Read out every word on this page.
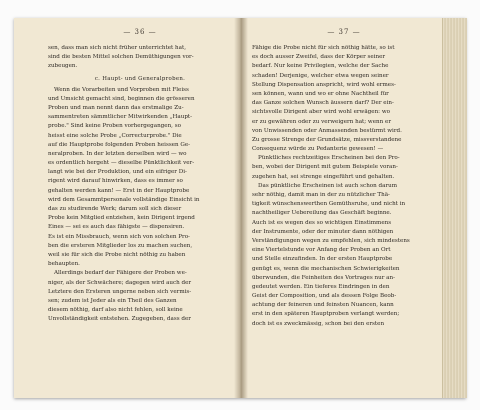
— 36 —
sen, dass man sich nicht früher unterrichtet hat,
sind die besten Mittel solchen Demüthigungen vor-
zubeugen.
c. Haupt- und Generalproben.
Wenn die Vorarbeiten und Vorproben mit Fleiss
und Umsicht gemacht sind, beginnen die grösseren
Proben und man nennt dann das erstmalige Zu-
sammentreten sämmtlicher Mitwirkenden „Haupt-
probe." Sind keine Proben vorhergegangen, so
heisst eine solche Probe „Correcturprobe." Die
auf die Hauptprobe folgenden Proben heissen Ge-
neralproben. In der letzten derselben wird — wo
es ordentlich hergeht — dieselbe Pünktlichkeit ver-
langt wie bei der Produktion, und ein eifriger Di-
rigent wird darauf hinwirken, dass es immer so
gehalten werden kann! — Erst in der Hauptprobe
wird dem Gesammtpersonale vollständige Einsicht in
das zu studirende Werk; darum soll sich dieser
Probe kein Mitglied entziehen, kein Dirigent irgend
Eines — sei es auch das fähigste — dispensiren.
Es ist ein Missbrauch, wenn sich von solchen Pro-
ben die ersteren Mitglieder los zu machen suchen,
weil sie für sich die Probe nicht nöthig zu haben
behaupten.
Allerdings bedarf der Fähigere der Proben we-
niger, als der Schwächere; dagegen wird auch der
Letztere den Ersteren ungerne neben sich vermis-
sen; zudem ist Jeder als ein Theil des Ganzen
diesem nöthig, darf also nicht fehlen, soll keine
Unvollständigkeit entstehen. Zugegeben, dass der
— 37 —
Fähige die Probe nicht für sich nöthig hätte, so ist
es doch ausser Zweifel, dass der Körper seiner
bedarf. Nur keine Privilegien, welche der Sache
schaden! Derjenige, welcher etwa wegen seiner
Stellung Dispensation anspricht, wird wohl ermes-
sen können, wann und wo er ohne Nachtheil für
das Ganze solchen Wunsch äussern darf? Der ein-
sichtsvolle Dirigent aber wird wohl erwägen: wo
er zu gewähren oder zu verweigern hat; wenn er
von Unwissenden oder Anmassenden bestürmt wird.
Zu grosse Strenge der Grundsätze, missverstandene
Consequenz würde zu Pedanterie gewesen! —
Pünktliches rechtzeitiges Erscheinen bei den Pro-
ben, wobei der Dirigent mit gutem Beispiele voran-
zugehen hat, sei strenge eingeführt und gehalten.
Das pünktliche Erscheinen ist auch schon darum
sehr nöthig, damit man in der zu nützlicher Thä-
tigkeit wünschenswerthen Gemüthsruhe, und nicht in
nachtheiliger Uebereilung das Geschäft beginne.
Auch ist es wegen des so wichtigen Einstimmens
der Instrumente, oder der minuter dann nöthigen
Verständigungen wegen zu empfehlen, sich mindestens
eine Viertelstunde vor Anfang der Proben an Ort
und Stelle einzufinden. In der ersten Hauptprobe
genügt es, wenn die mechanischen Schwierigkeiten
überwunden, die Feinheiten des Vortrages nur an-
gedeutet werden. Ein tieferes Eindringen in den
Geist der Composition, und als dessen Folge Beob-
achtung der feineren und feinsten Nuancen, kann
erst in den späteren Hauptproben verlangt werden;
doch ist es zweckmässig, schon bei den ersten
